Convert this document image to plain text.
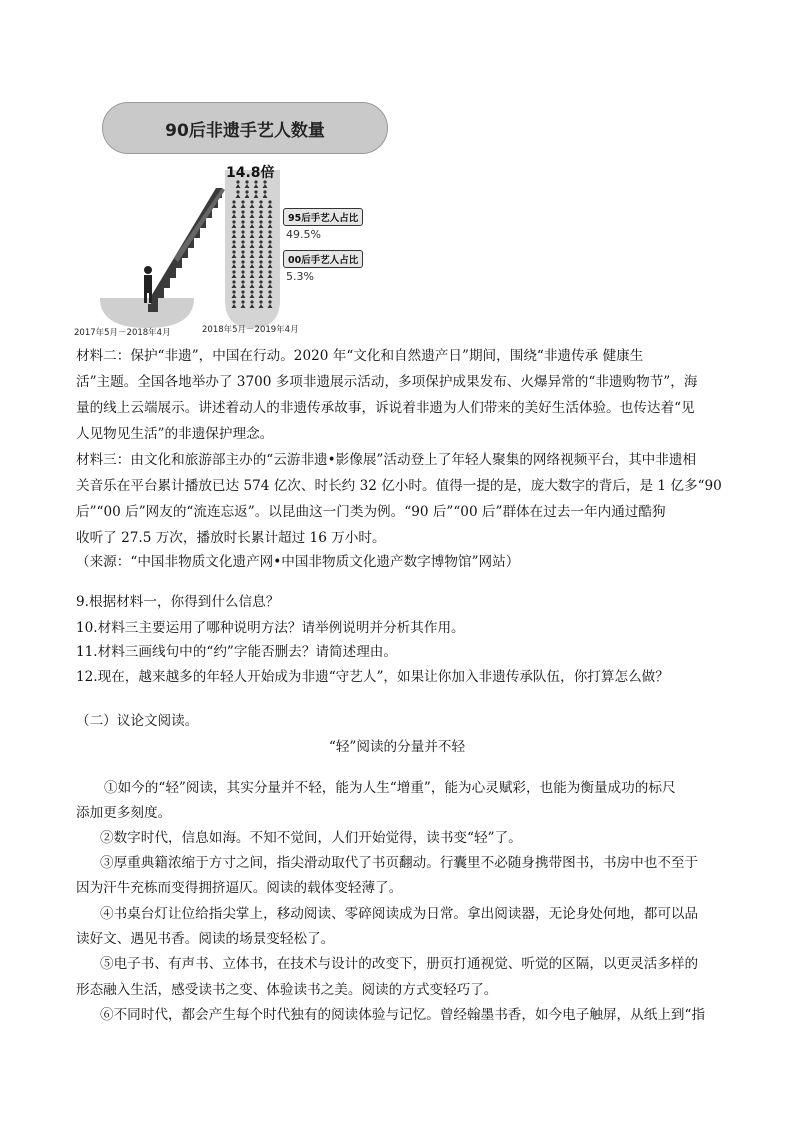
90后非遗手艺人数量
14.8倍
95后手艺人占比
49.5%
00后手艺人占比
5.3%
2017年5月－2018年4月	2018年5月－2019年4月
材料二：保护“非遗”，中国在行动。2020 年“文化和自然遗产日”期间，围绕“非遗传承 健康生
活”主题。全国各地举办了 3700 多项非遗展示活动，多项保护成果发布、火爆异常的“非遗购物节”，海
量的线上云端展示。讲述着动人的非遗传承故事，诉说着非遗为人们带来的美好生活体验。也传达着“见
人见物见生活”的非遗保护理念。
材料三：由文化和旅游部主办的“云游非遗•影像展”活动登上了年轻人聚集的网络视频平台，其中非遗相
关音乐在平台累计播放已达 574 亿次、时长约 32 亿小时。值得一提的是，庞大数字的背后，是 1 亿多“90
后”“00 后”网友的“流连忘返”。以昆曲这一门类为例。“90 后”“00 后”群体在过去一年内通过酷狗
收听了 27.5 万次，播放时长累计超过 16 万小时。
（来源：“中国非物质文化遗产网•中国非物质文化遗产数字博物馆”网站）
9.根据材料一，你得到什么信息？
10.材料三主要运用了哪种说明方法？请举例说明并分析其作用。
11.材料三画线句中的“约”字能否删去？请简述理由。
12.现在，越来越多的年轻人开始成为非遗“守艺人”，如果让你加入非遗传承队伍，你打算怎么做？
（二）议论文阅读。
“轻”阅读的分量并不轻
①如今的“轻”阅读，其实分量并不轻，能为人生“增重”，能为心灵赋彩，也能为衡量成功的标尺
添加更多刻度。
②数字时代，信息如海。不知不觉间，人们开始觉得，读书变“轻”了。
③厚重典籍浓缩于方寸之间，指尖滑动取代了书页翻动。行囊里不必随身携带图书，书房中也不至于
因为汗牛充栋而变得拥挤逼仄。阅读的载体变轻薄了。
④书桌台灯让位给指尖掌上，移动阅读、零碎阅读成为日常。拿出阅读器，无论身处何地，都可以品
读好文、遇见书香。阅读的场景变轻松了。
⑤电子书、有声书、立体书，在技术与设计的改变下，册页打通视觉、听觉的区隔，以更灵活多样的
形态融入生活，感受读书之变、体验读书之美。阅读的方式变轻巧了。
⑥不同时代，都会产生每个时代独有的阅读体验与记忆。曾经翰墨书香，如今电子触屏，从纸上到“指
